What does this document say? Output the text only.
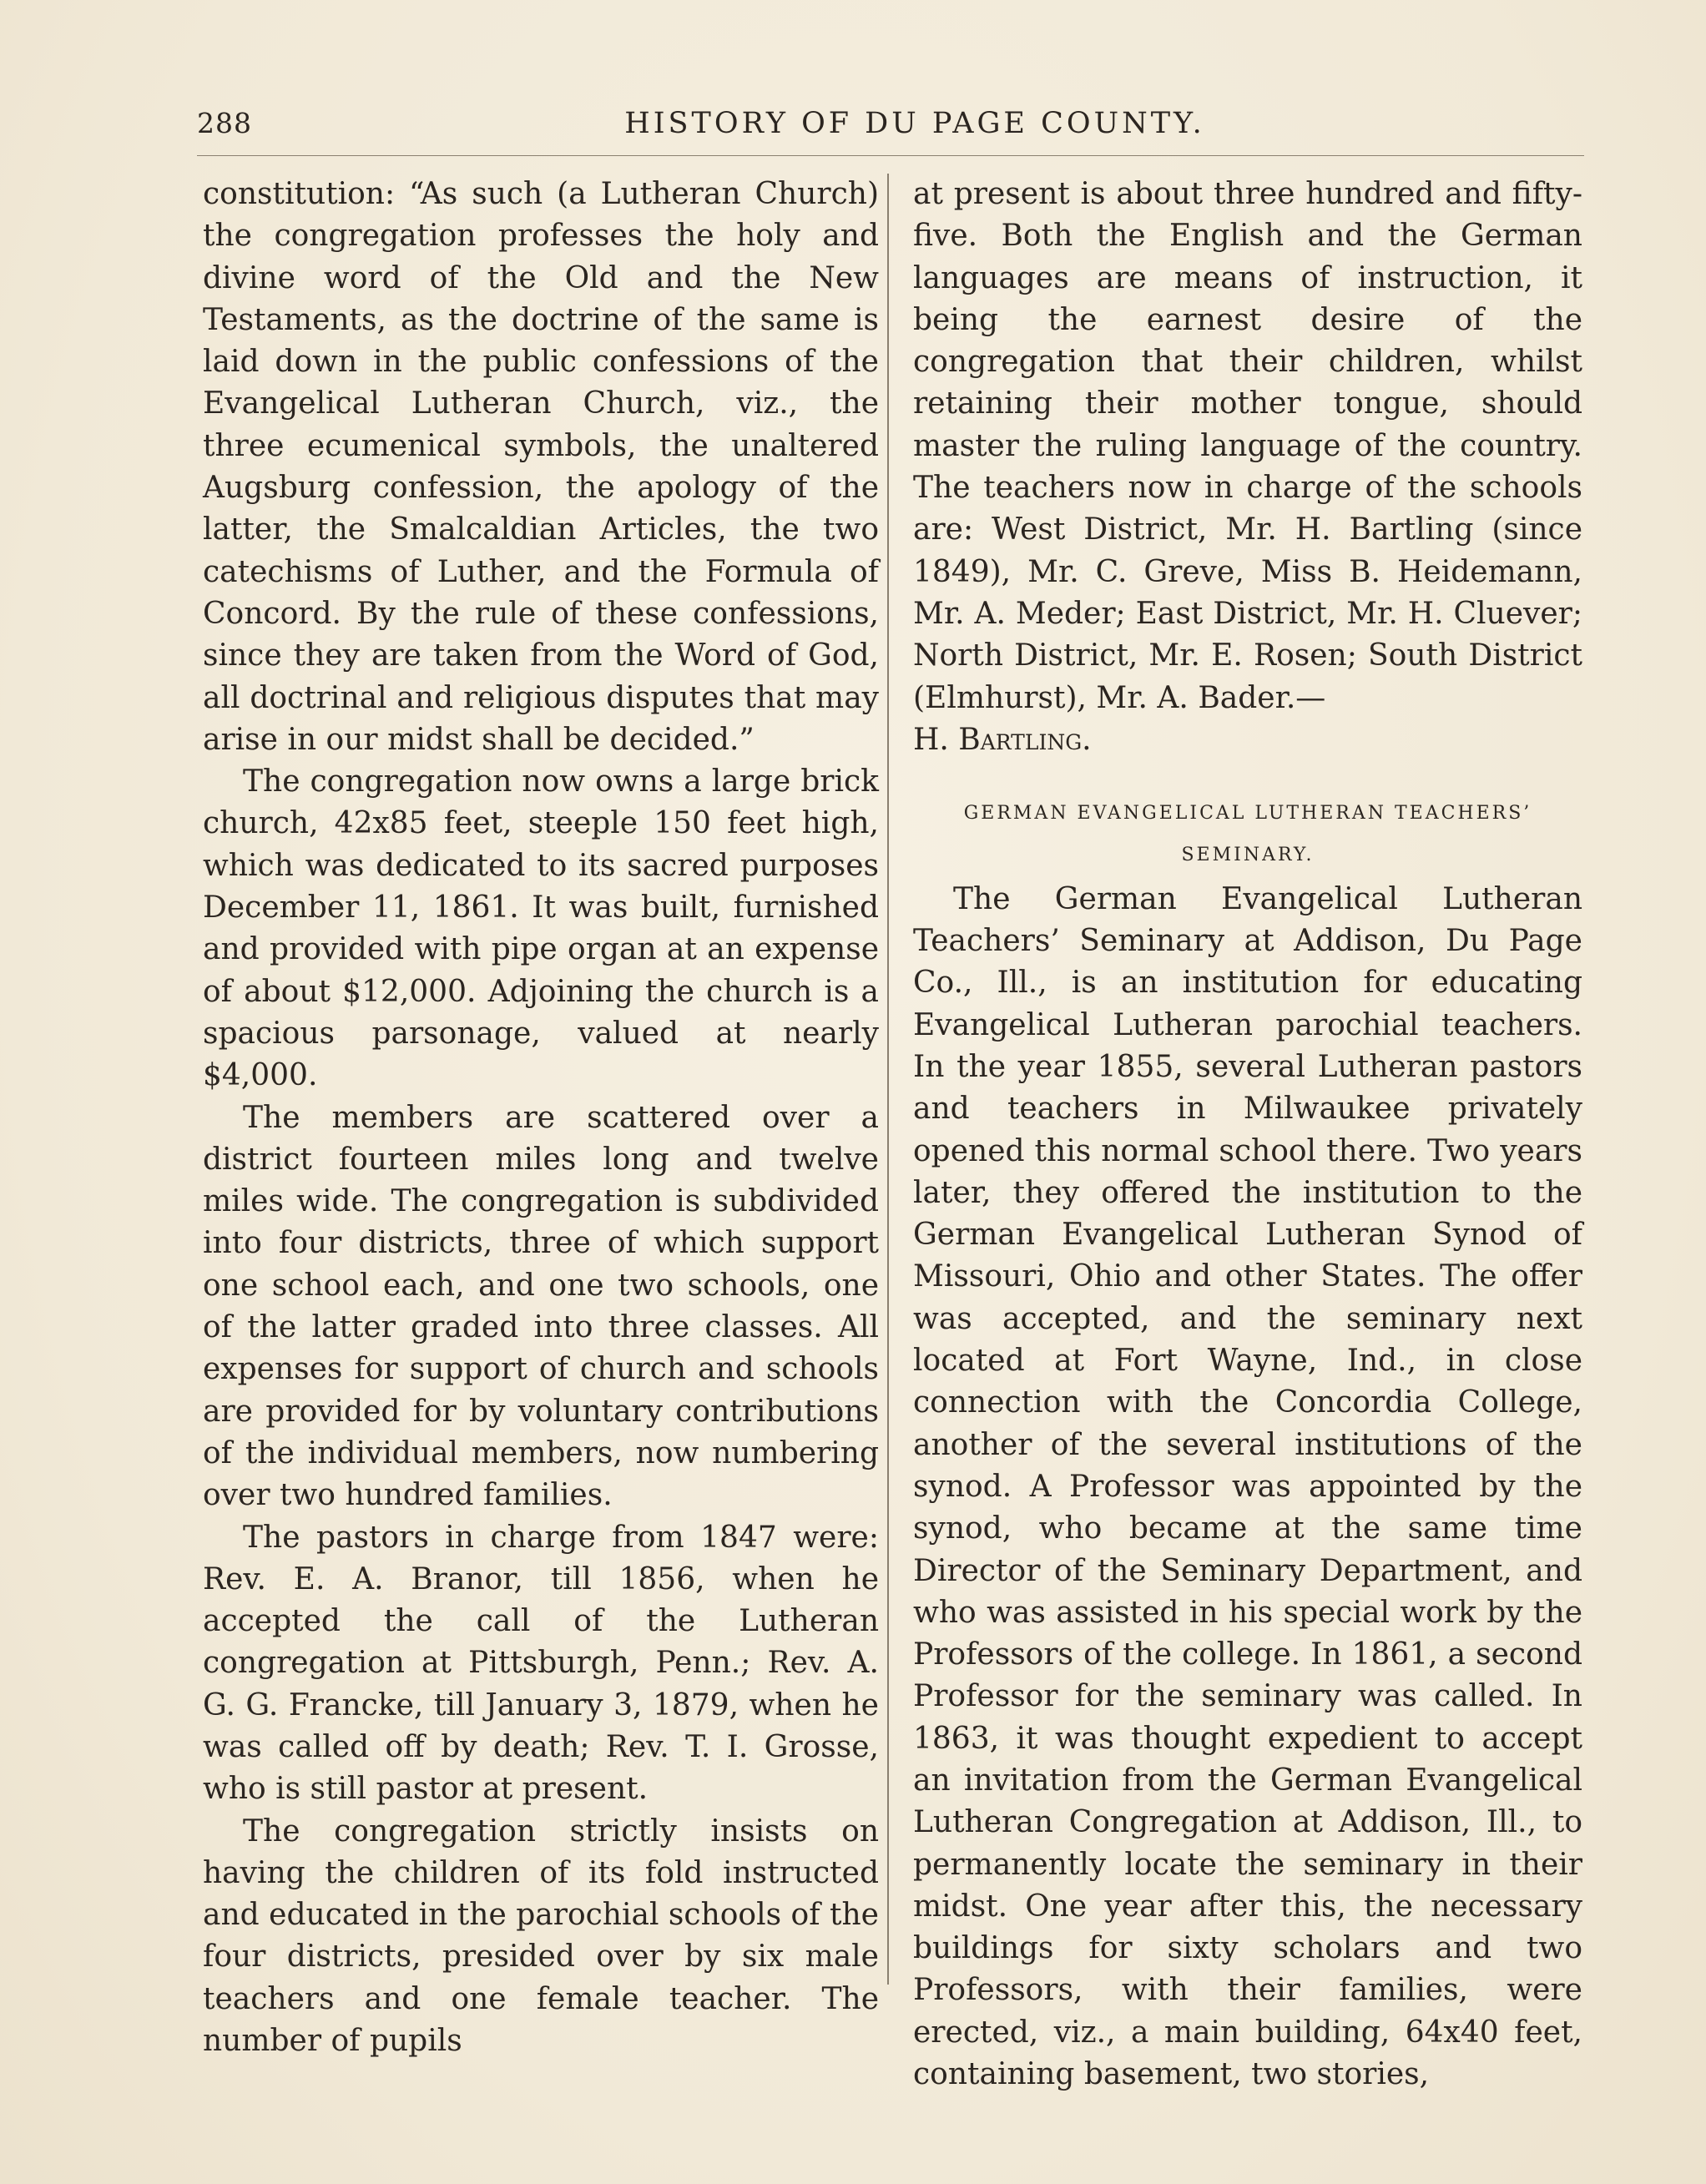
288	HISTORY OF DU PAGE COUNTY.

constitution: “As such (a Lutheran Church) the congregation professes the holy and divine word of the Old and the New Testaments, as the doctrine of the same is laid down in the public confessions of the Evangelical Lutheran Church, viz., the three ecumenical symbols, the unaltered Augsburg confession, the apology of the latter, the Smalcaldian Articles, the two catechisms of Luther, and the Formula of Concord. By the rule of these confessions, since they are taken from the Word of God, all doctrinal and religious disputes that may arise in our midst shall be decided.”

The congregation now owns a large brick church, 42x85 feet, steeple 150 feet high, which was dedicated to its sacred purposes December 11, 1861. It was built, furnished and provided with pipe organ at an expense of about $12,000. Adjoining the church is a spacious parsonage, valued at nearly $4,000.

The members are scattered over a district fourteen miles long and twelve miles wide. The congregation is subdivided into four districts, three of which support one school each, and one two schools, one of the latter graded into three classes. All expenses for support of church and schools are provided for by voluntary contributions of the individual members, now numbering over two hundred families.

The pastors in charge from 1847 were: Rev. E. A. Branor, till 1856, when he accepted the call of the Lutheran congregation at Pittsburgh, Penn.; Rev. A. G. G. Francke, till January 3, 1879, when he was called off by death; Rev. T. I. Grosse, who is still pastor at present.

The congregation strictly insists on having the children of its fold instructed and educated in the parochial schools of the four districts, presided over by six male teachers and one female teacher. The number of pupils

at present is about three hundred and fifty-five. Both the English and the German languages are means of instruction, it being the earnest desire of the congregation that their children, whilst retaining their mother tongue, should master the ruling language of the country. The teachers now in charge of the schools are: West District, Mr. H. Bartling (since 1849), Mr. C. Greve, Miss B. Heidemann, Mr. A. Meder; East District, Mr. H. Cluever; North District, Mr. E. Rosen; South District (Elmhurst), Mr. A. Bader.—

H. Bartling.

GERMAN EVANGELICAL LUTHERAN TEACHERS’ SEMINARY.

The German Evangelical Lutheran Teachers’ Seminary at Addison, Du Page Co., Ill., is an institution for educating Evangelical Lutheran parochial teachers. In the year 1855, several Lutheran pastors and teachers in Milwaukee privately opened this normal school there. Two years later, they offered the institution to the German Evangelical Lutheran Synod of Missouri, Ohio and other States. The offer was accepted, and the seminary next located at Fort Wayne, Ind., in close connection with the Concordia College, another of the several institutions of the synod. A Professor was appointed by the synod, who became at the same time Director of the Seminary Department, and who was assisted in his special work by the Professors of the college. In 1861, a second Professor for the seminary was called. In 1863, it was thought expedient to accept an invitation from the German Evangelical Lutheran Congregation at Addison, Ill., to permanently locate the seminary in their midst. One year after this, the necessary buildings for sixty scholars and two Professors, with their families, were erected, viz., a main building, 64x40 feet, containing basement, two stories,
